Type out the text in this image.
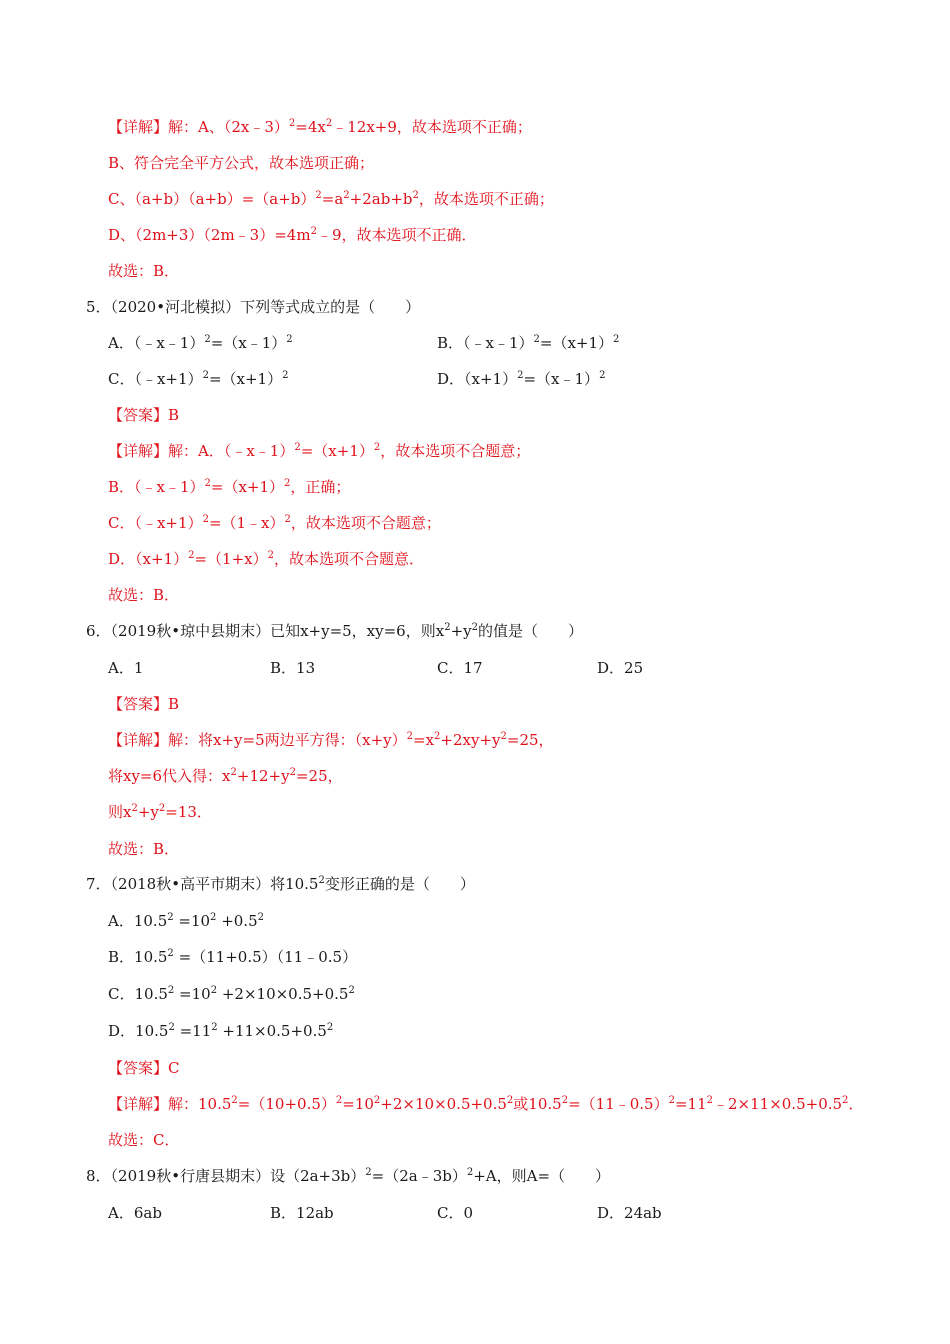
【详解】解：A、$(2x﹣3)^2=4x^2﹣12x+9$，故本选项不正确；
B、符合完全平方公式，故本选项正确；
C、$(a+b)(a+b)=(a+b)^2=a^2+2ab+b^2$，故本选项不正确；
D、$(2m+3)(2m﹣3)=4m^2﹣9$，故本选项不正确．
故选：B．
5．（2020•河北模拟）下列等式成立的是（　　）
A．（﹣x﹣1）$^2$=（x﹣1）$^2$	B．$(﹣x﹣1)^2=(x+1)^2$
C．$(﹣x+1)^2=(x+1)^2$	D．$(x+1)^2=(x﹣1)^2$
【答案】B
【详解】解：A．$(﹣x﹣1)^2=(x+1)^2$，故本选项不合题意；
B．$(﹣x﹣1)^2=(x+1)^2$，正确；
C．（﹣x+1）$^2$=（1﹣x）$^2$，故本选项不合题意；
D．$(x+1)^2=(1+x)^2$，故本选项不合题意．
故选：B．
6．（2019秋•琼中县期末）已知x+y=5，xy=6，则$x^2+y^2$的值是（　　）
A．1	B．13	C．17	D．25
【答案】B
【详解】解：将x+y=5两边平方得：$(x+y)^2=x^2+2xy+y^2=25$，
将xy=6代入得：$x^2+12+y^2=25$，
则$x^2+y^2=13$．
故选：B．
7．（2018秋•高平市期末）将10.5$^2$变形正确的是（　　）
A．$10.5^2 =10^2 +0.5^2$
B．$10.5^2$ =（11+0.5）（11﹣0.5）
C．$10.5^2 =10^2 +2\times 10\times 0.5+0.5^2$
D．$10.5^2 =11^2 +11\times 0.5+0.5^2$
【答案】C
【详解】解：$10.5^2=(10+0.5)^2=10^2+2\times 10\times 0.5+0.5^2$或$10.5^2=(11﹣0.5)^2=11^2﹣2\times 11\times 0.5+0.5^2$．
故选：C．
8．（2019秋•行唐县期末）设$(2a+3b)^2=(2a﹣3b)^2+A$，则A=（　　）
A．6ab	B．12ab	C．0	D．24ab
